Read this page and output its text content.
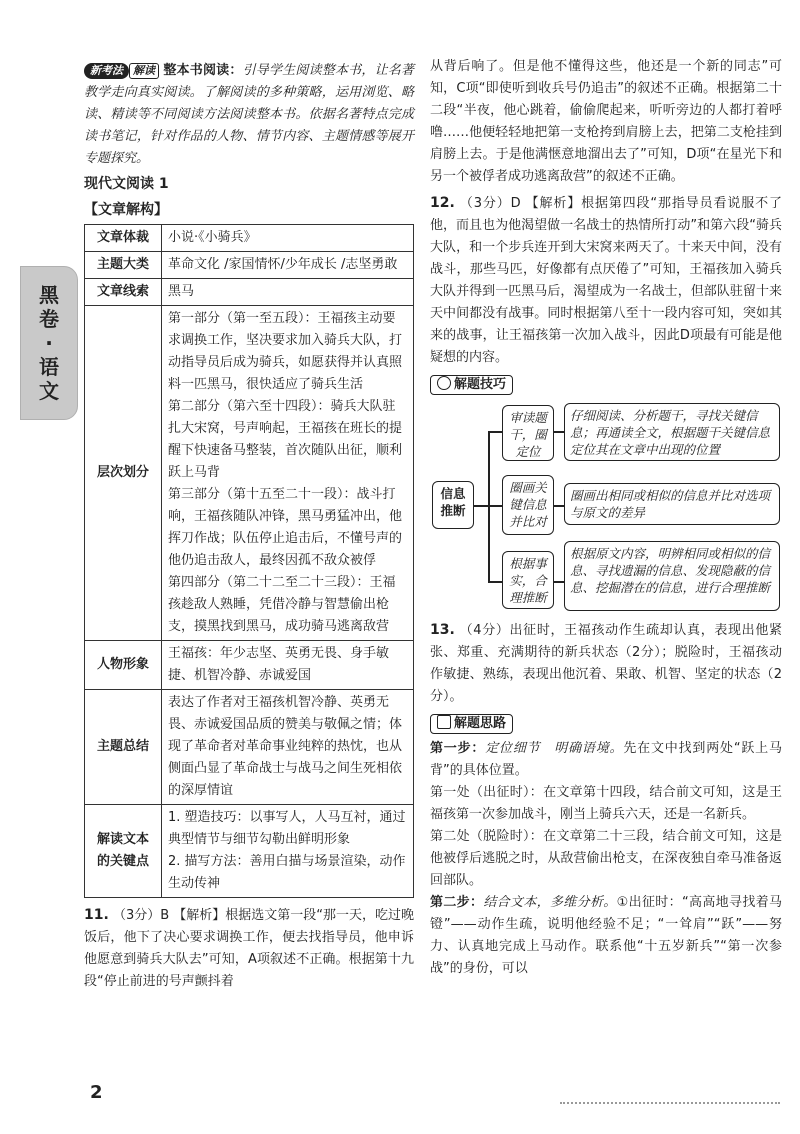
黑
卷
·
语
文

新考法 解读 整本书阅读：引导学生阅读整本书，让名著教学走向真实阅读。了解阅读的多种策略，运用浏览、略读、精读等不同阅读方法阅读整本书。依据名著特点完成读书笔记，针对作品的人物、情节内容、主题情感等展开专题探究。

现代文阅读 1
【文章解构】
文章体裁	小说·《小骑兵》
主题大类	革命文化 /家国情怀/少年成长 /志坚勇敢
文章线索	黑马
层次划分	第一部分（第一至五段）：王福孩主动要求调换工作，坚决要求加入骑兵大队，打动指导员后成为骑兵，如愿获得并认真照料一匹黑马，很快适应了骑兵生活
第二部分（第六至十四段）：骑兵大队驻扎大宋窝，号声响起，王福孩在班长的提醒下快速备马整装，首次随队出征，顺利跃上马背
第三部分（第十五至二十一段）：战斗打响，王福孩随队冲锋，黑马勇猛冲出，他挥刀作战；队伍停止追击后，不懂号声的他仍追击敌人，最终因孤不敌众被俘
第四部分（第二十二至二十三段）：王福孩趁敌人熟睡，凭借冷静与智慧偷出枪支，摸黑找到黑马，成功骑马逃离敌营

人物形象	王福孩：年少志坚、英勇无畏、身手敏捷、机智冷静、赤诚爱国
主题总结	表达了作者对王福孩机智冷静、英勇无畏、赤诚爱国品质的赞美与敬佩之情；体现了革命者对革命事业纯粹的热忱，也从侧面凸显了革命战士与战马之间生死相依的深厚情谊
解读文本的关键点	1. 塑造技巧：以事写人，人马互衬，通过典型情节与细节勾勒出鲜明形象
2. 描写方法：善用白描与场景渲染，动作生动传神

11. （3分）B 【解析】根据选文第一段“那一天，吃过晚饭后，他下了决心要求调换工作，便去找指导员，他申诉他愿意到骑兵大队去”可知，A项叙述不正确。根据第十九段“停止前进的号声颤抖着

从背后响了。但是他不懂得这些，他还是一个新的同志”可知，C项“即使听到收兵号仍追击”的叙述不正确。根据第二十二段“半夜，他心跳着，偷偷爬起来，听听旁边的人都打着呼噜……他便轻轻地把第一支枪挎到肩膀上去，把第二支枪挂到肩膀上去。于是他满惬意地溜出去了”可知，D项“在星光下和另一个被俘者成功逃离敌营”的叙述不正确。

12. （3分）D 【解析】根据第四段“那指导员看说服不了他，而且也为他渴望做一名战士的热情所打动”和第六段“骑兵大队，和一个步兵连开到大宋窝来两天了。十来天中间，没有战斗，那些马匹，好像都有点厌倦了”可知，王福孩加入骑兵大队并得到一匹黑马后，渴望成为一名战士，但部队驻留十来天中间都没有战事。同时根据第八至十一段内容可知，突如其来的战事，让王福孩第一次加入战斗，因此D项最有可能是他疑想的内容。

解题技巧
信息推断
审读题干，圈定位
仔细阅读、分析题干，寻找关键信息；再通读全文，根据题干关键信息定位其在文章中出现的位置
圈画关键信息并比对
圈画出相同或相似的信息并比对选项与原文的差异
根据事实，合理推断
根据原文内容，明辨相同或相似的信息、寻找遗漏的信息、发现隐蔽的信息、挖掘潜在的信息，进行合理推断

13. （4分）出征时，王福孩动作生疏却认真，表现出他紧张、郑重、充满期待的新兵状态（2分）；脱险时，王福孩动作敏捷、熟练，表现出他沉着、果敢、机智、坚定的状态（2分）。

解题思路

第一步：定位细节　明确语境。先在文中找到两处“跃上马背”的具体位置。

第一处（出征时）：在文章第十四段，结合前文可知，这是王福孩第一次参加战斗，刚当上骑兵六天，还是一名新兵。

第二处（脱险时）：在文章第二十三段，结合前文可知，这是他被俘后逃脱之时，从敌营偷出枪支，在深夜独自牵马准备返回部队。

第二步：结合文本，多维分析。①出征时：“高高地寻找着马镫”——动作生疏，说明他经验不足；“一耸肩”“跃”——努力、认真地完成上马动作。联系他“十五岁新兵”“第一次参战”的身份，可以

2
